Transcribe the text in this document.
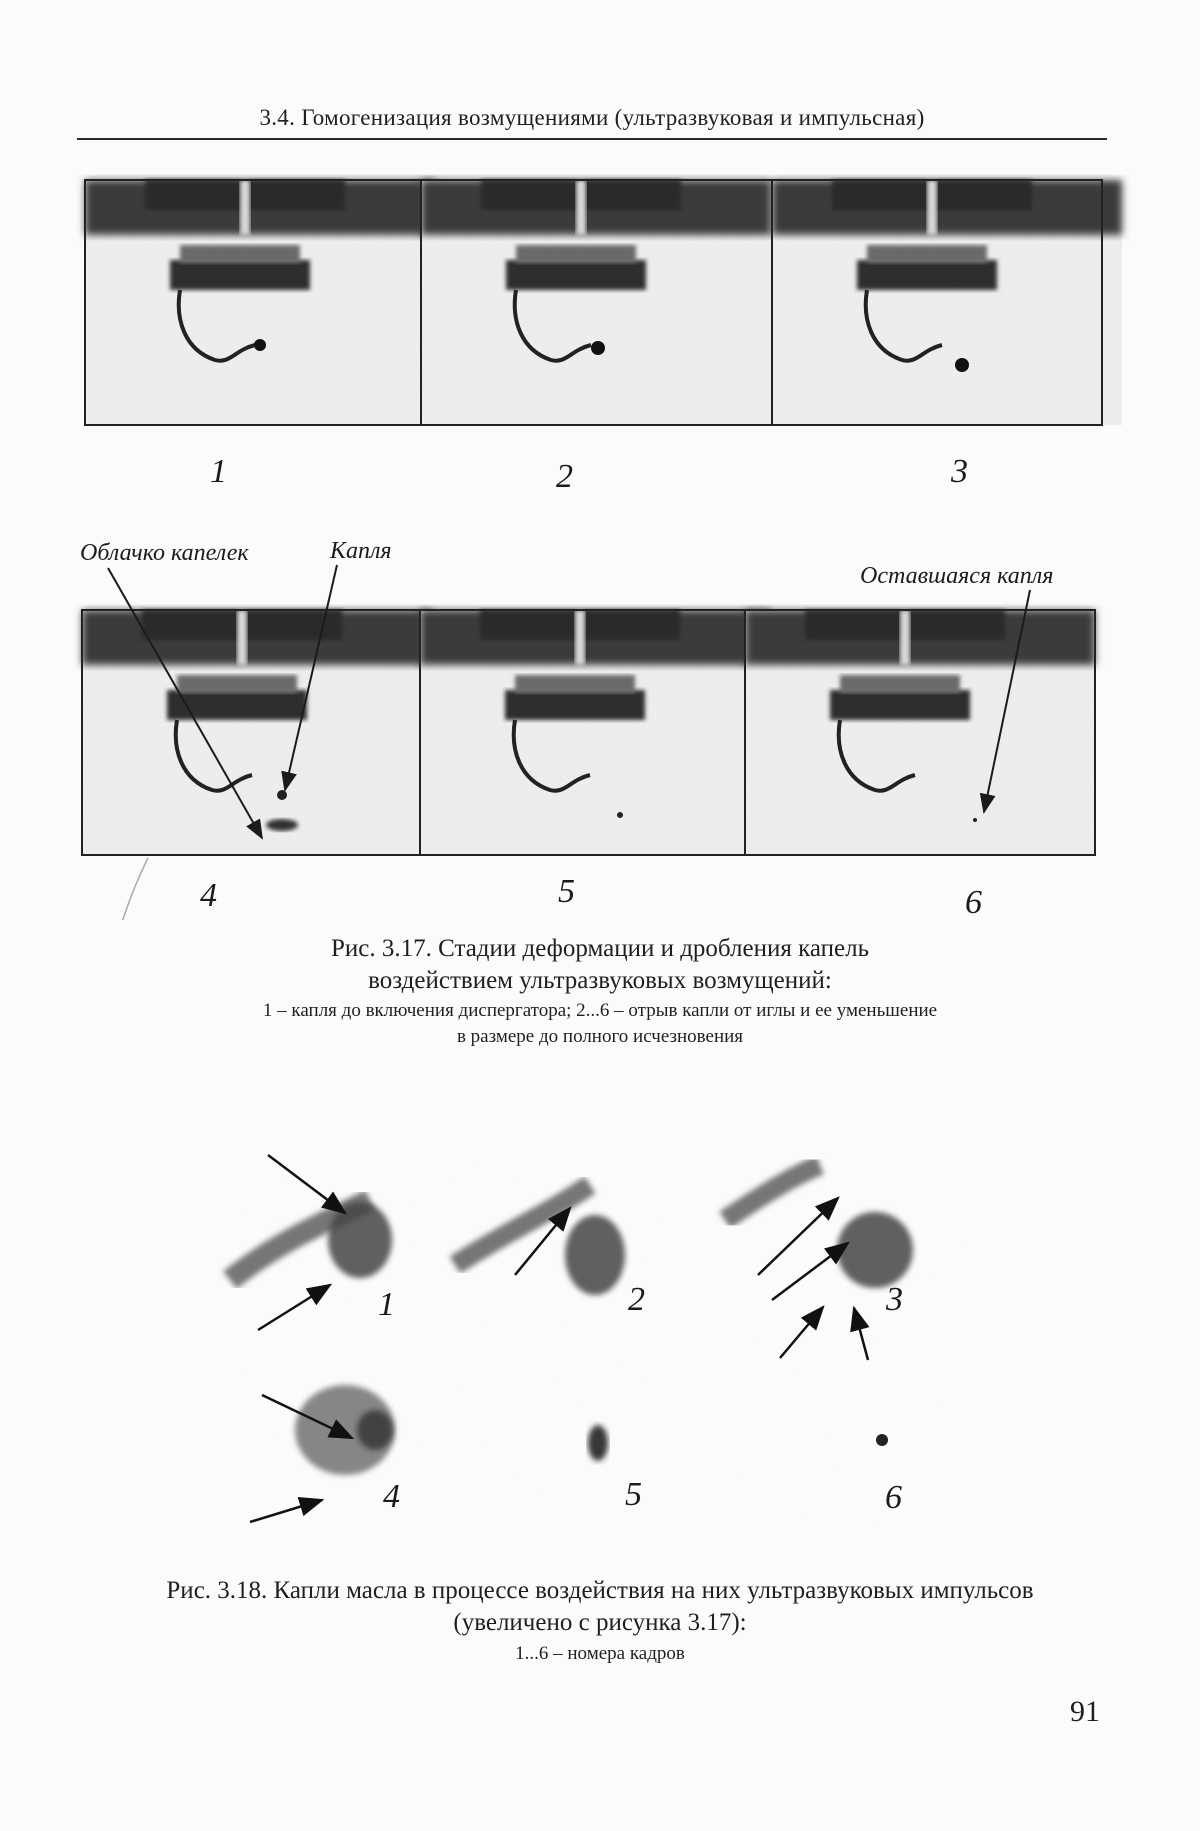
3.4. Гомогенизация возмущениями (ультразвуковая и импульсная)
1	2	3
Облачко капелек	Капля
Оставшаяся капля
4	5	6
Рис. 3.17. Стадии деформации и дробления капель
воздействием ультразвуковых возмущений:
1 – капля до включения диспергатора; 2...6 – отрыв капли от иглы и ее уменьшение
в размере до полного исчезновения
1	2	3
4	5	6
Рис. 3.18. Капли масла в процессе воздействия на них ультразвуковых импульсов
(увеличено с рисунка 3.17):
1...6 – номера кадров
91
